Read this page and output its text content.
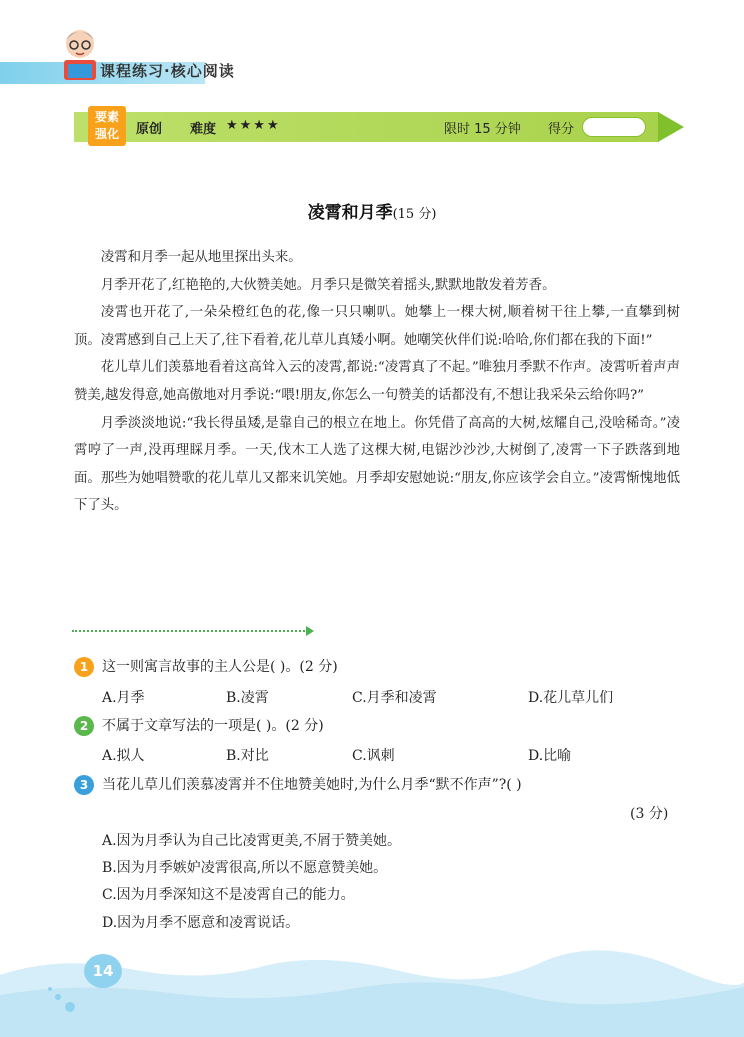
课程练习·核心阅读
要素
强化	原创 难度 ★★★★	限时 15 分钟 得分
凌霄和月季(15 分)

凌霄和月季一起从地里探出头来。

月季开花了,红艳艳的,大伙赞美她。月季只是微笑着摇头,默默地散发着芳香。

凌霄也开花了,一朵朵橙红色的花,像一只只喇叭。她攀上一棵大树,顺着树干往上攀,一直攀到树顶。凌霄感到自己上天了,往下看着,花儿草儿真矮小啊。她嘲笑伙伴们说:哈哈,你们都在我的下面!”

花儿草儿们羡慕地看着这高耸入云的凌霄,都说:“凌霄真了不起。”唯独月季默不作声。凌霄听着声声赞美,越发得意,她高傲地对月季说:“喂!朋友,你怎么一句赞美的话都没有,不想让我采朵云给你吗?”

月季淡淡地说:“我长得虽矮,是靠自己的根立在地上。你凭借了高高的大树,炫耀自己,没啥稀奇。”凌霄哼了一声,没再理睬月季。一天,伐木工人选了这棵大树,电锯沙沙沙,大树倒了,凌霄一下子跌落到地面。那些为她唱赞歌的花儿草儿又都来讥笑她。月季却安慰她说:“朋友,你应该学会自立。”凌霄惭愧地低下了头。

1 这一则寓言故事的主人公是( )。(2 分)
A.月季	B.凌霄	C.月季和凌霄	D.花儿草儿们
2 不属于文章写法的一项是( )。(2 分)
A.拟人	B.对比	C.讽刺	D.比喻
3 当花儿草儿们羡慕凌霄并不住地赞美她时,为什么月季“默不作声”?( )
(3 分)
A.因为月季认为自己比凌霄更美,不屑于赞美她。
B.因为月季嫉妒凌霄很高,所以不愿意赞美她。
C.因为月季深知这不是凌霄自己的能力。
D.因为月季不愿意和凌霄说话。
14
